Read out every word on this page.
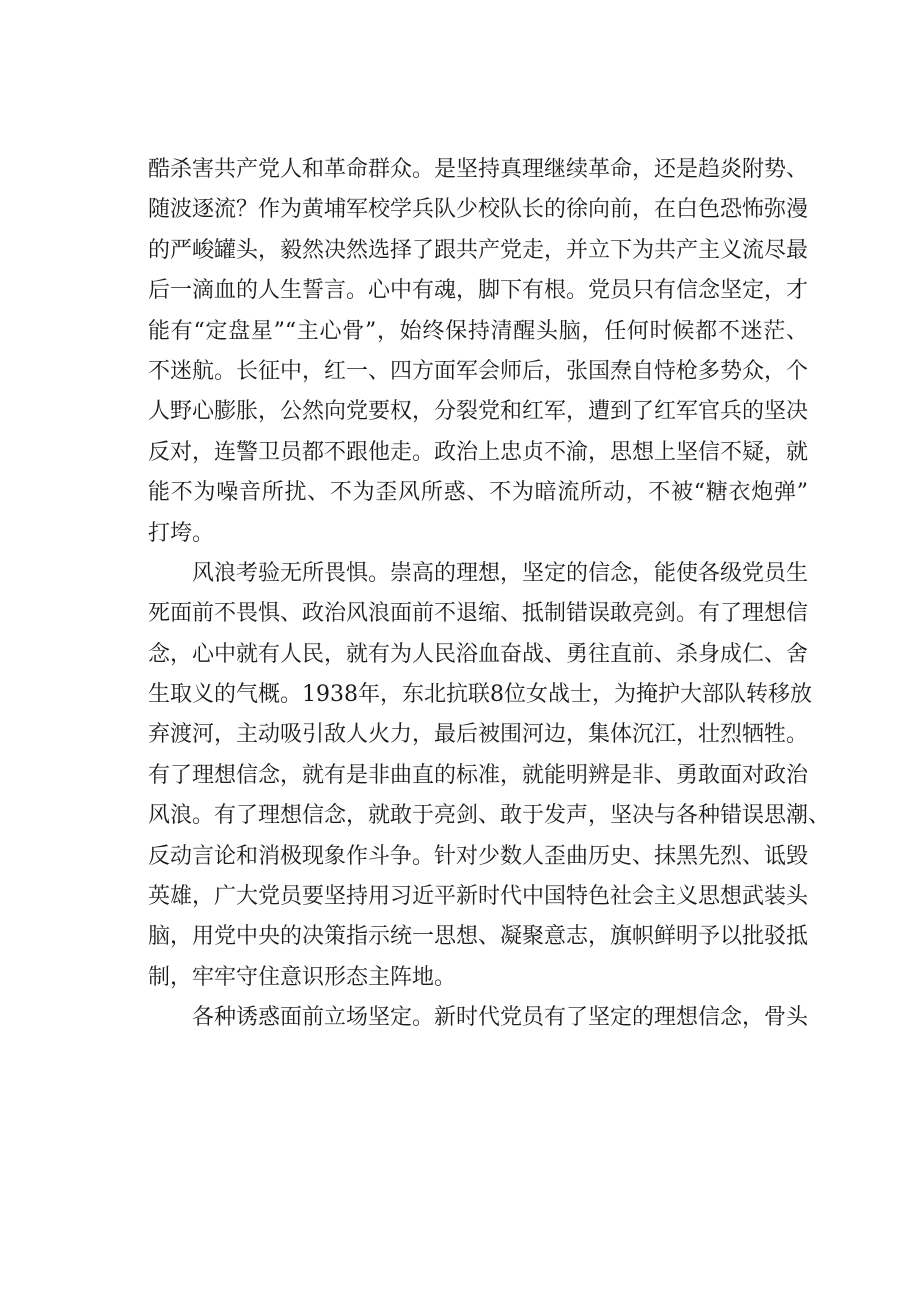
酷杀害共产党人和革命群众。是坚持真理继续革命，还是趋炎附势、
随波逐流？作为黄埔军校学兵队少校队长的徐向前，在白色恐怖弥漫
的严峻罐头，毅然决然选择了跟共产党走，并立下为共产主义流尽最
后一滴血的人生誓言。心中有魂，脚下有根。党员只有信念坚定，才
能有“定盘星”“主心骨”，始终保持清醒头脑，任何时候都不迷茫、
不迷航。长征中，红一、四方面军会师后，张国焘自恃枪多势众，个
人野心膨胀，公然向党要权，分裂党和红军，遭到了红军官兵的坚决
反对，连警卫员都不跟他走。政治上忠贞不渝，思想上坚信不疑，就
能不为噪音所扰、不为歪风所惑、不为暗流所动，不被“糖衣炮弹”
打垮。
风浪考验无所畏惧。崇高的理想，坚定的信念，能使各级党员生
死面前不畏惧、政治风浪面前不退缩、抵制错误敢亮剑。有了理想信
念，心中就有人民，就有为人民浴血奋战、勇往直前、杀身成仁、舍
生取义的气概。1938年，东北抗联8位女战士，为掩护大部队转移放
弃渡河，主动吸引敌人火力，最后被围河边，集体沉江，壮烈牺牲。
有了理想信念，就有是非曲直的标准，就能明辨是非、勇敢面对政治
风浪。有了理想信念，就敢于亮剑、敢于发声，坚决与各种错误思潮、
反动言论和消极现象作斗争。针对少数人歪曲历史、抹黑先烈、诋毁
英雄，广大党员要坚持用习近平新时代中国特色社会主义思想武装头
脑，用党中央的决策指示统一思想、凝聚意志，旗帜鲜明予以批驳抵
制，牢牢守住意识形态主阵地。
各种诱惑面前立场坚定。新时代党员有了坚定的理想信念，骨头
